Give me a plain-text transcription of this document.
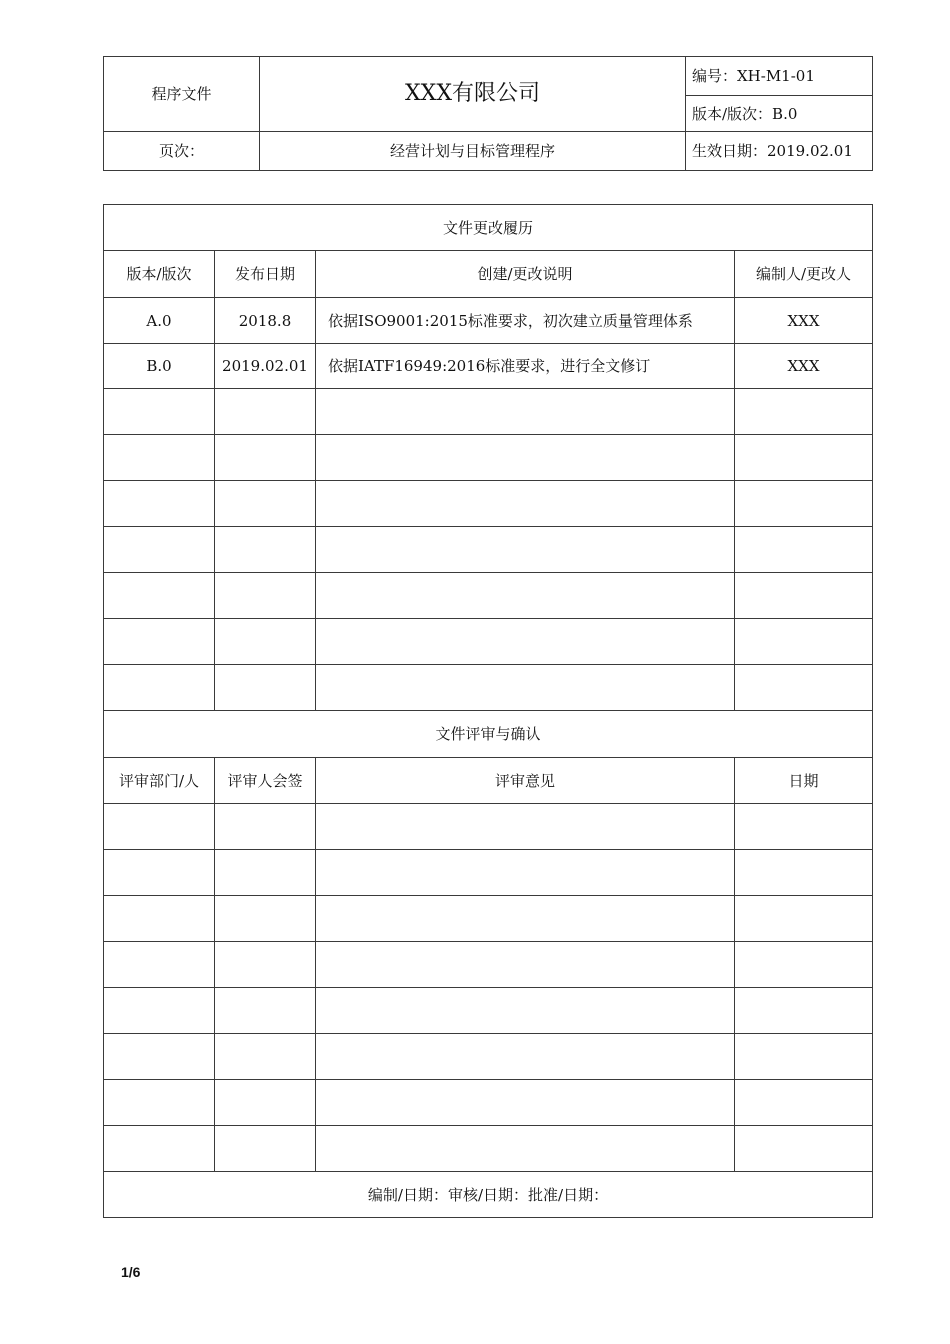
程序文件	XXX有限公司	编号：XH-M1-01
		版本/版次：B.0
页次：	经营计划与目标管理程序	生效日期：2019.02.01
文件更改履历			
版本/版次	发布日期	创建/更改说明	编制人/更改人
A.0	2018.8	依据ISO9001:2015标准要求，初次建立质量管理体系	XXX
B.0	2019.02.01	依据IATF16949:2016标准要求，进行全文修订	XXX

文件评审与确认			
评审部门/人	评审人会签	评审意见	日期

编制/日期：审核/日期：批准/日期：			
1/6
